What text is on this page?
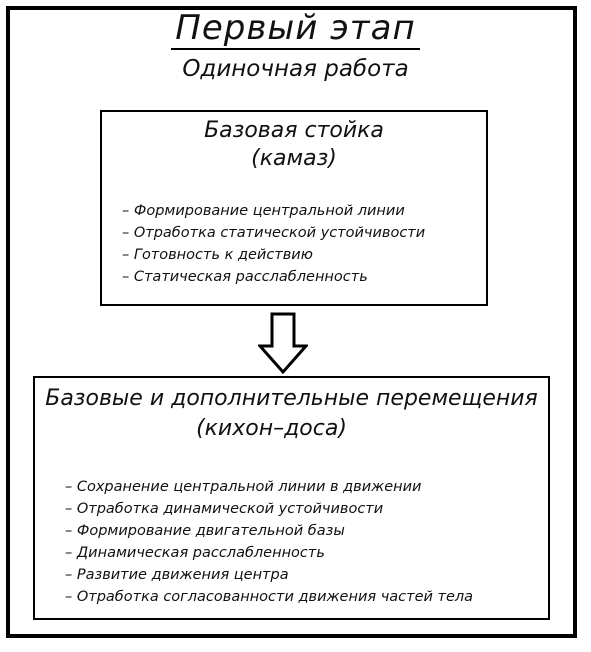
Первый этап
Одиночная работа
Базовая стойка
(камаз)
– Формирование центральной линии
– Отработка статической устойчивости
– Готовность к действию
– Статическая расслабленность
Базовые и дополнительные перемещения
(кихон–доса)
– Сохранение центральной линии в движении
– Отработка динамической устойчивости
– Формирование двигательной базы
– Динамическая расслабленность
– Развитие движения центра
– Отработка согласованности движения частей тела
